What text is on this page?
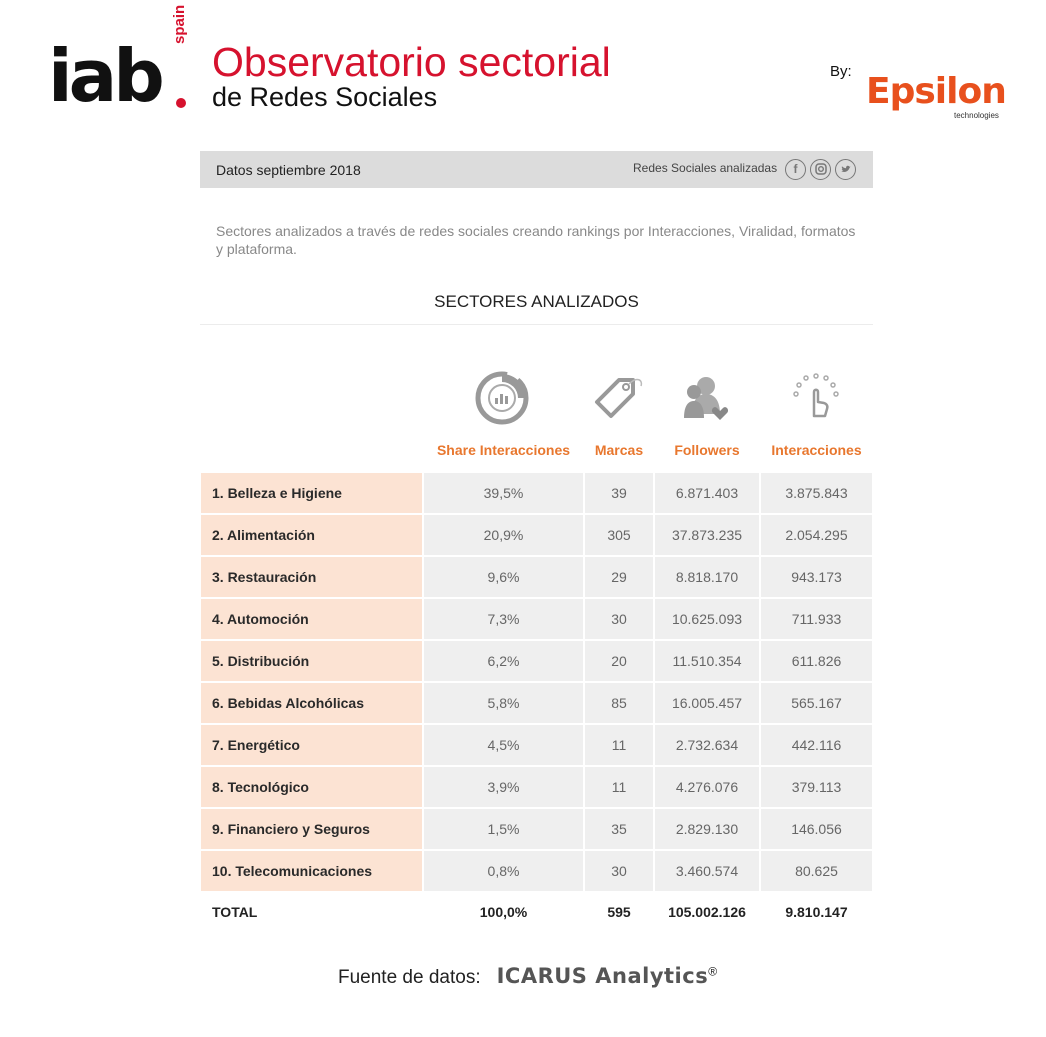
iab
spain
Observatorio sectorial
de Redes Sociales
By: Epsilon
technologies
Datos septiembre 2018	Redes Sociales analizadas	f
Sectores analizados a través de redes sociales creando rankings por Interacciones, Viralidad, formatos y plataforma.
SECTORES ANALIZADOS
Share Interacciones	Marcas	Followers	Interacciones
1. Belleza e Higiene	39,5%	39	6.871.403	3.875.843
2. Alimentación	20,9%	305	37.873.235	2.054.295
3. Restauración	9,6%	29	8.818.170	943.173
4. Automoción	7,3%	30	10.625.093	711.933
5. Distribución	6,2%	20	11.510.354	611.826
6. Bebidas Alcohólicas	5,8%	85	16.005.457	565.167
7. Energético	4,5%	11	2.732.634	442.116
8. Tecnológico	3,9%	11	4.276.076	379.113
9. Financiero y Seguros	1,5%	35	2.829.130	146.056
10. Telecomunicaciones	0,8%	30	3.460.574	80.625
TOTAL	100,0%	595	105.002.126	9.810.147
Fuente de datos: ICARUS Analytics®
